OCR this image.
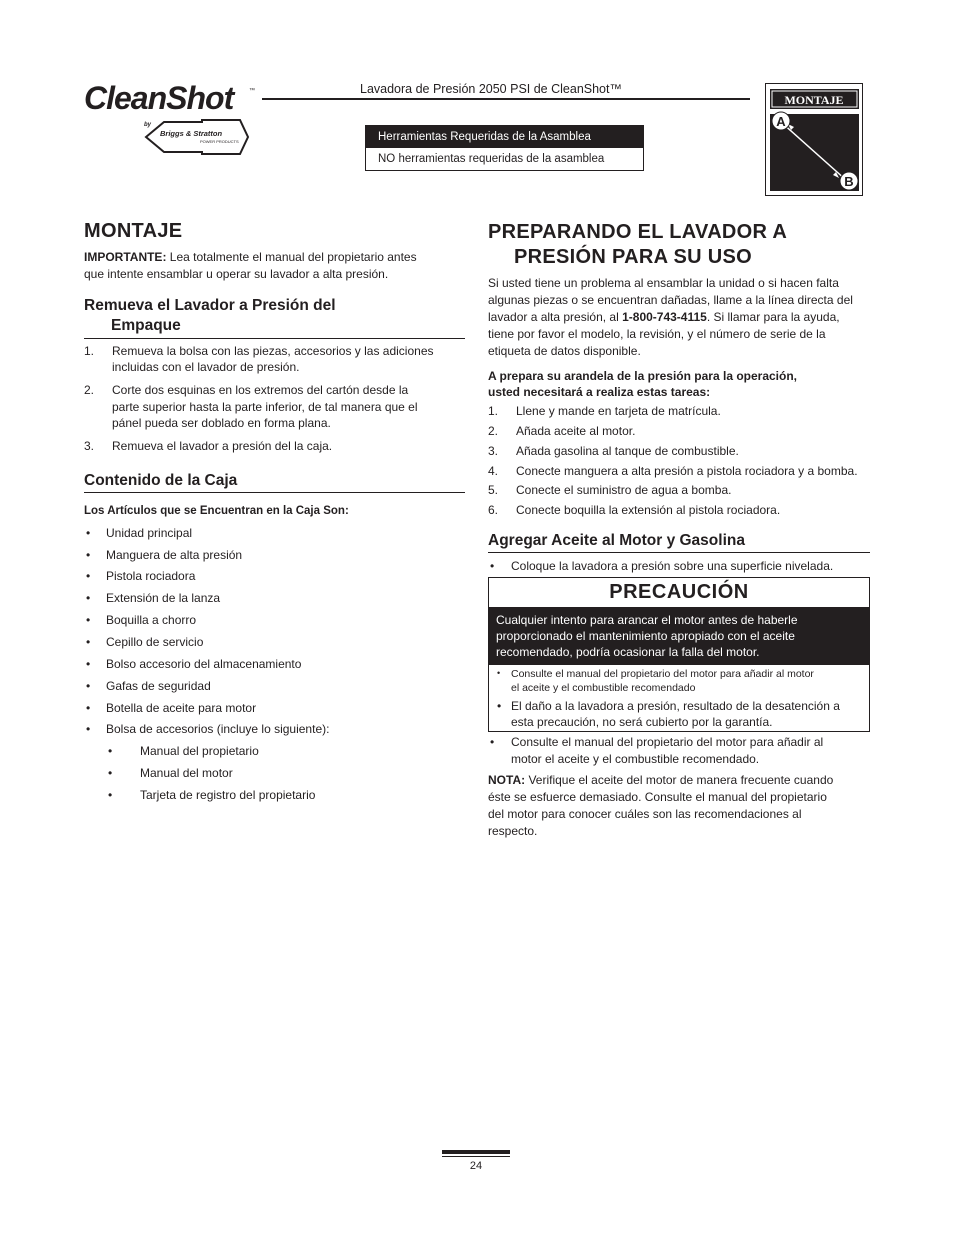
CleanShot	™
by
Briggs & Stratton
POWER PRODUCTS
Lavadora de Presión 2050 PSI de CleanShot™
Herramientas Requeridas de la Asamblea
NO herramientas requeridas de la asamblea
MONTAJE
A
B
MONTAJE
IMPORTANTE: Lea totalmente el manual del propietario antes
que intente ensamblar u operar su lavador a alta presión.
Remueva el Lavador a Presión del
Empaque
1. Remueva la bolsa con las piezas, accesorios y las adiciones
incluidas con el lavador de presión.
2. Corte dos esquinas en los extremos del cartón desde la
parte superior hasta la parte inferior, de tal manera que el
pánel pueda ser doblado en forma plana.
3. Remueva el lavador a presión del la caja.
Contenido de la Caja
Los Artículos que se Encuentran en la Caja Son:
• Unidad principal
• Manguera de alta presión
• Pistola rociadora
• Extensión de la lanza
• Boquilla a chorro
• Cepillo de servicio
• Bolso accesorio del almacenamiento
• Gafas de seguridad
• Botella de aceite para motor
• Bolsa de accesorios (incluye lo siguiente):
• Manual del propietario
• Manual del motor
• Tarjeta de registro del propietario
PREPARANDO EL LAVADOR A
PRESIÓN PARA SU USO
Si usted tiene un problema al ensamblar la unidad o si hacen falta
algunas piezas o se encuentran dañadas, llame a la línea directa del
lavador a alta presión, al 1-800-743-4115. Si llamar para la ayuda,
tiene por favor el modelo, la revisión, y el número de serie de la
etiqueta de datos disponible.
A prepara su arandela de la presión para la operación,
usted necesitará a realiza estas tareas:
1. Llene y mande en tarjeta de matrícula.
2. Añada aceite al motor.
3. Añada gasolina al tanque de combustible.
4. Conecte manguera a alta presión a pistola rociadora y a bomba.
5. Conecte el suministro de agua a bomba.
6. Conecte boquilla la extensión al pistola rociadora.
Agregar Aceite al Motor y Gasolina
• Coloque la lavadora a presión sobre una superficie nivelada.
PRECAUCIÓN
Cualquier intento para arancar el motor antes de haberle
proporcionado el mantenimiento apropiado con el aceite
recomendado, podría ocasionar la falla del motor.
• Consulte el manual del propietario del motor para añadir al motor
el aceite y el combustible recomendado
• El daño a la lavadora a presión, resultado de la desatención a
esta precaución, no será cubierto por la garantía.
• Consulte el manual del propietario del motor para añadir al
motor el aceite y el combustible recomendado.
NOTA: Verifique el aceite del motor de manera frecuente cuando
éste se esfuerce demasiado. Consulte el manual del propietario
del motor para conocer cuáles son las recomendaciones al
respecto.
24
